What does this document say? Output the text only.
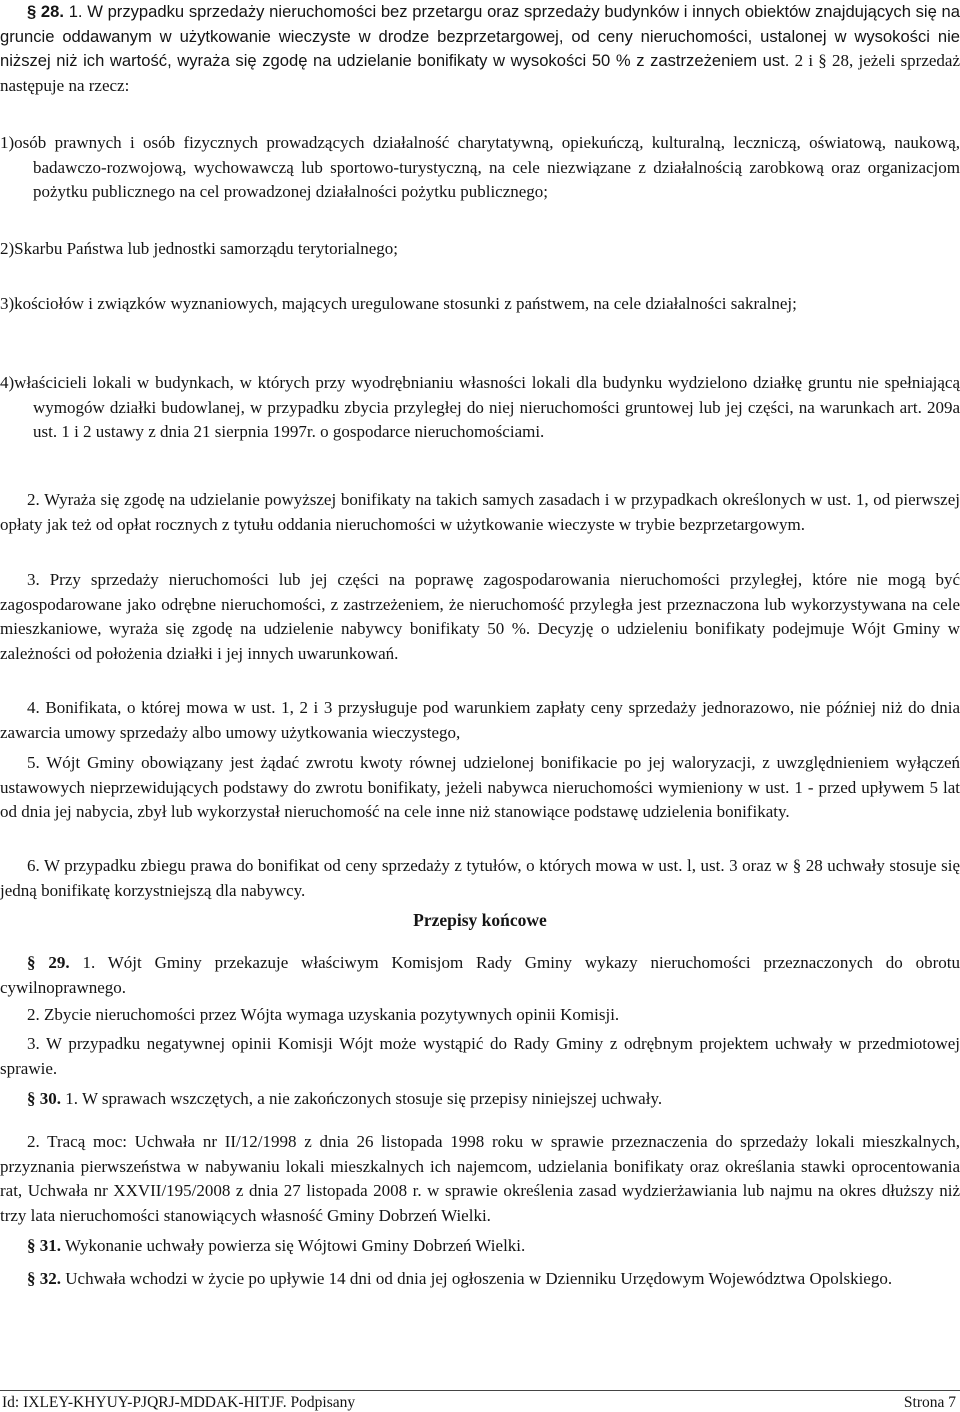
§ 28. 1. W przypadku sprzedaży nieruchomości bez przetargu oraz sprzedaży budynków i innych obiektów znajdujących się na gruncie oddawanym w użytkowanie wieczyste w drodze bezprzetargowej, od ceny nieruchomości, ustalonej w wysokości nie niższej niż ich wartość, wyraża się zgodę na udzielanie bonifikaty w wysokości 50 % z zastrzeżeniem ust. 2 i § 28, jeżeli sprzedaż następuje na rzecz:

1)osób prawnych i osób fizycznych prowadzących działalność charytatywną, opiekuńczą, kulturalną, leczniczą, oświatową, naukową, badawczo-rozwojową, wychowawczą lub sportowo-turystyczną, na cele niezwiązane z działalnością zarobkową oraz organizacjom pożytku publicznego na cel prowadzonej działalności pożytku publicznego;

2)Skarbu Państwa lub jednostki samorządu terytorialnego;

3)kościołów i związków wyznaniowych, mających uregulowane stosunki z państwem, na cele działalności sakralnej;

4)właścicieli lokali w budynkach, w których przy wyodrębnianiu własności lokali dla budynku wydzielono działkę gruntu nie spełniającą wymogów działki budowlanej, w przypadku zbycia przyległej do niej nieruchomości gruntowej lub jej części, na warunkach art. 209a ust. 1 i 2 ustawy z dnia 21 sierpnia 1997r. o gospodarce nieruchomościami.

2. Wyraża się zgodę na udzielanie powyższej bonifikaty na takich samych zasadach i w przypadkach określonych w ust. 1, od pierwszej opłaty jak też od opłat rocznych z tytułu oddania nieruchomości w użytkowanie wieczyste w trybie bezprzetargowym.

3. Przy sprzedaży nieruchomości lub jej części na poprawę zagospodarowania nieruchomości przyległej, które nie mogą być zagospodarowane jako odrębne nieruchomości, z zastrzeżeniem, że nieruchomość przyległa jest przeznaczona lub wykorzystywana na cele mieszkaniowe, wyraża się zgodę na udzielenie nabywcy bonifikaty 50 %. Decyzję o udzieleniu bonifikaty podejmuje Wójt Gminy w zależności od położenia działki i jej innych uwarunkowań.

4. Bonifikata, o której mowa w ust. 1, 2 i 3 przysługuje pod warunkiem zapłaty ceny sprzedaży jednorazowo, nie później niż do dnia zawarcia umowy sprzedaży albo umowy użytkowania wieczystego,

5. Wójt Gminy obowiązany jest żądać zwrotu kwoty równej udzielonej bonifikacie po jej waloryzacji, z uwzględnieniem wyłączeń ustawowych nieprzewidujących podstawy do zwrotu bonifikaty, jeżeli nabywca nieruchomości wymieniony w ust. 1 - przed upływem 5 lat od dnia jej nabycia, zbył lub wykorzystał nieruchomość na cele inne niż stanowiące podstawę udzielenia bonifikaty.

6. W przypadku zbiegu prawa do bonifikat od ceny sprzedaży z tytułów, o których mowa w ust. l, ust. 3 oraz w § 28 uchwały stosuje się jedną bonifikatę korzystniejszą dla nabywcy.

Przepisy końcowe

§ 29. 1. Wójt Gminy przekazuje właściwym Komisjom Rady Gminy wykazy nieruchomości przeznaczonych do obrotu cywilnoprawnego.

2. Zbycie nieruchomości przez Wójta wymaga uzyskania pozytywnych opinii Komisji.

3. W przypadku negatywnej opinii Komisji Wójt może wystąpić do Rady Gminy z odrębnym projektem uchwały w przedmiotowej sprawie.

§ 30. 1. W sprawach wszczętych, a nie zakończonych stosuje się przepisy niniejszej uchwały.

2. Tracą moc: Uchwała nr II/12/1998 z dnia 26 listopada 1998 roku w sprawie przeznaczenia do sprzedaży lokali mieszkalnych, przyznania pierwszeństwa w nabywaniu lokali mieszkalnych ich najemcom, udzielania bonifikaty oraz określania stawki oprocentowania rat, Uchwała nr XXVII/195/2008 z dnia 27 listopada 2008 r. w sprawie określenia zasad wydzierżawiania lub najmu na okres dłuższy niż trzy lata nieruchomości stanowiących własność Gminy Dobrzeń Wielki.

§ 31. Wykonanie uchwały powierza się Wójtowi Gminy Dobrzeń Wielki.

§ 32. Uchwała wchodzi w życie po upływie 14 dni od dnia jej ogłoszenia w Dzienniku Urzędowym Województwa Opolskiego.

Id: IXLEY-KHYUY-PJQRJ-MDDAK-HITJF. Podpisany	Strona 7
